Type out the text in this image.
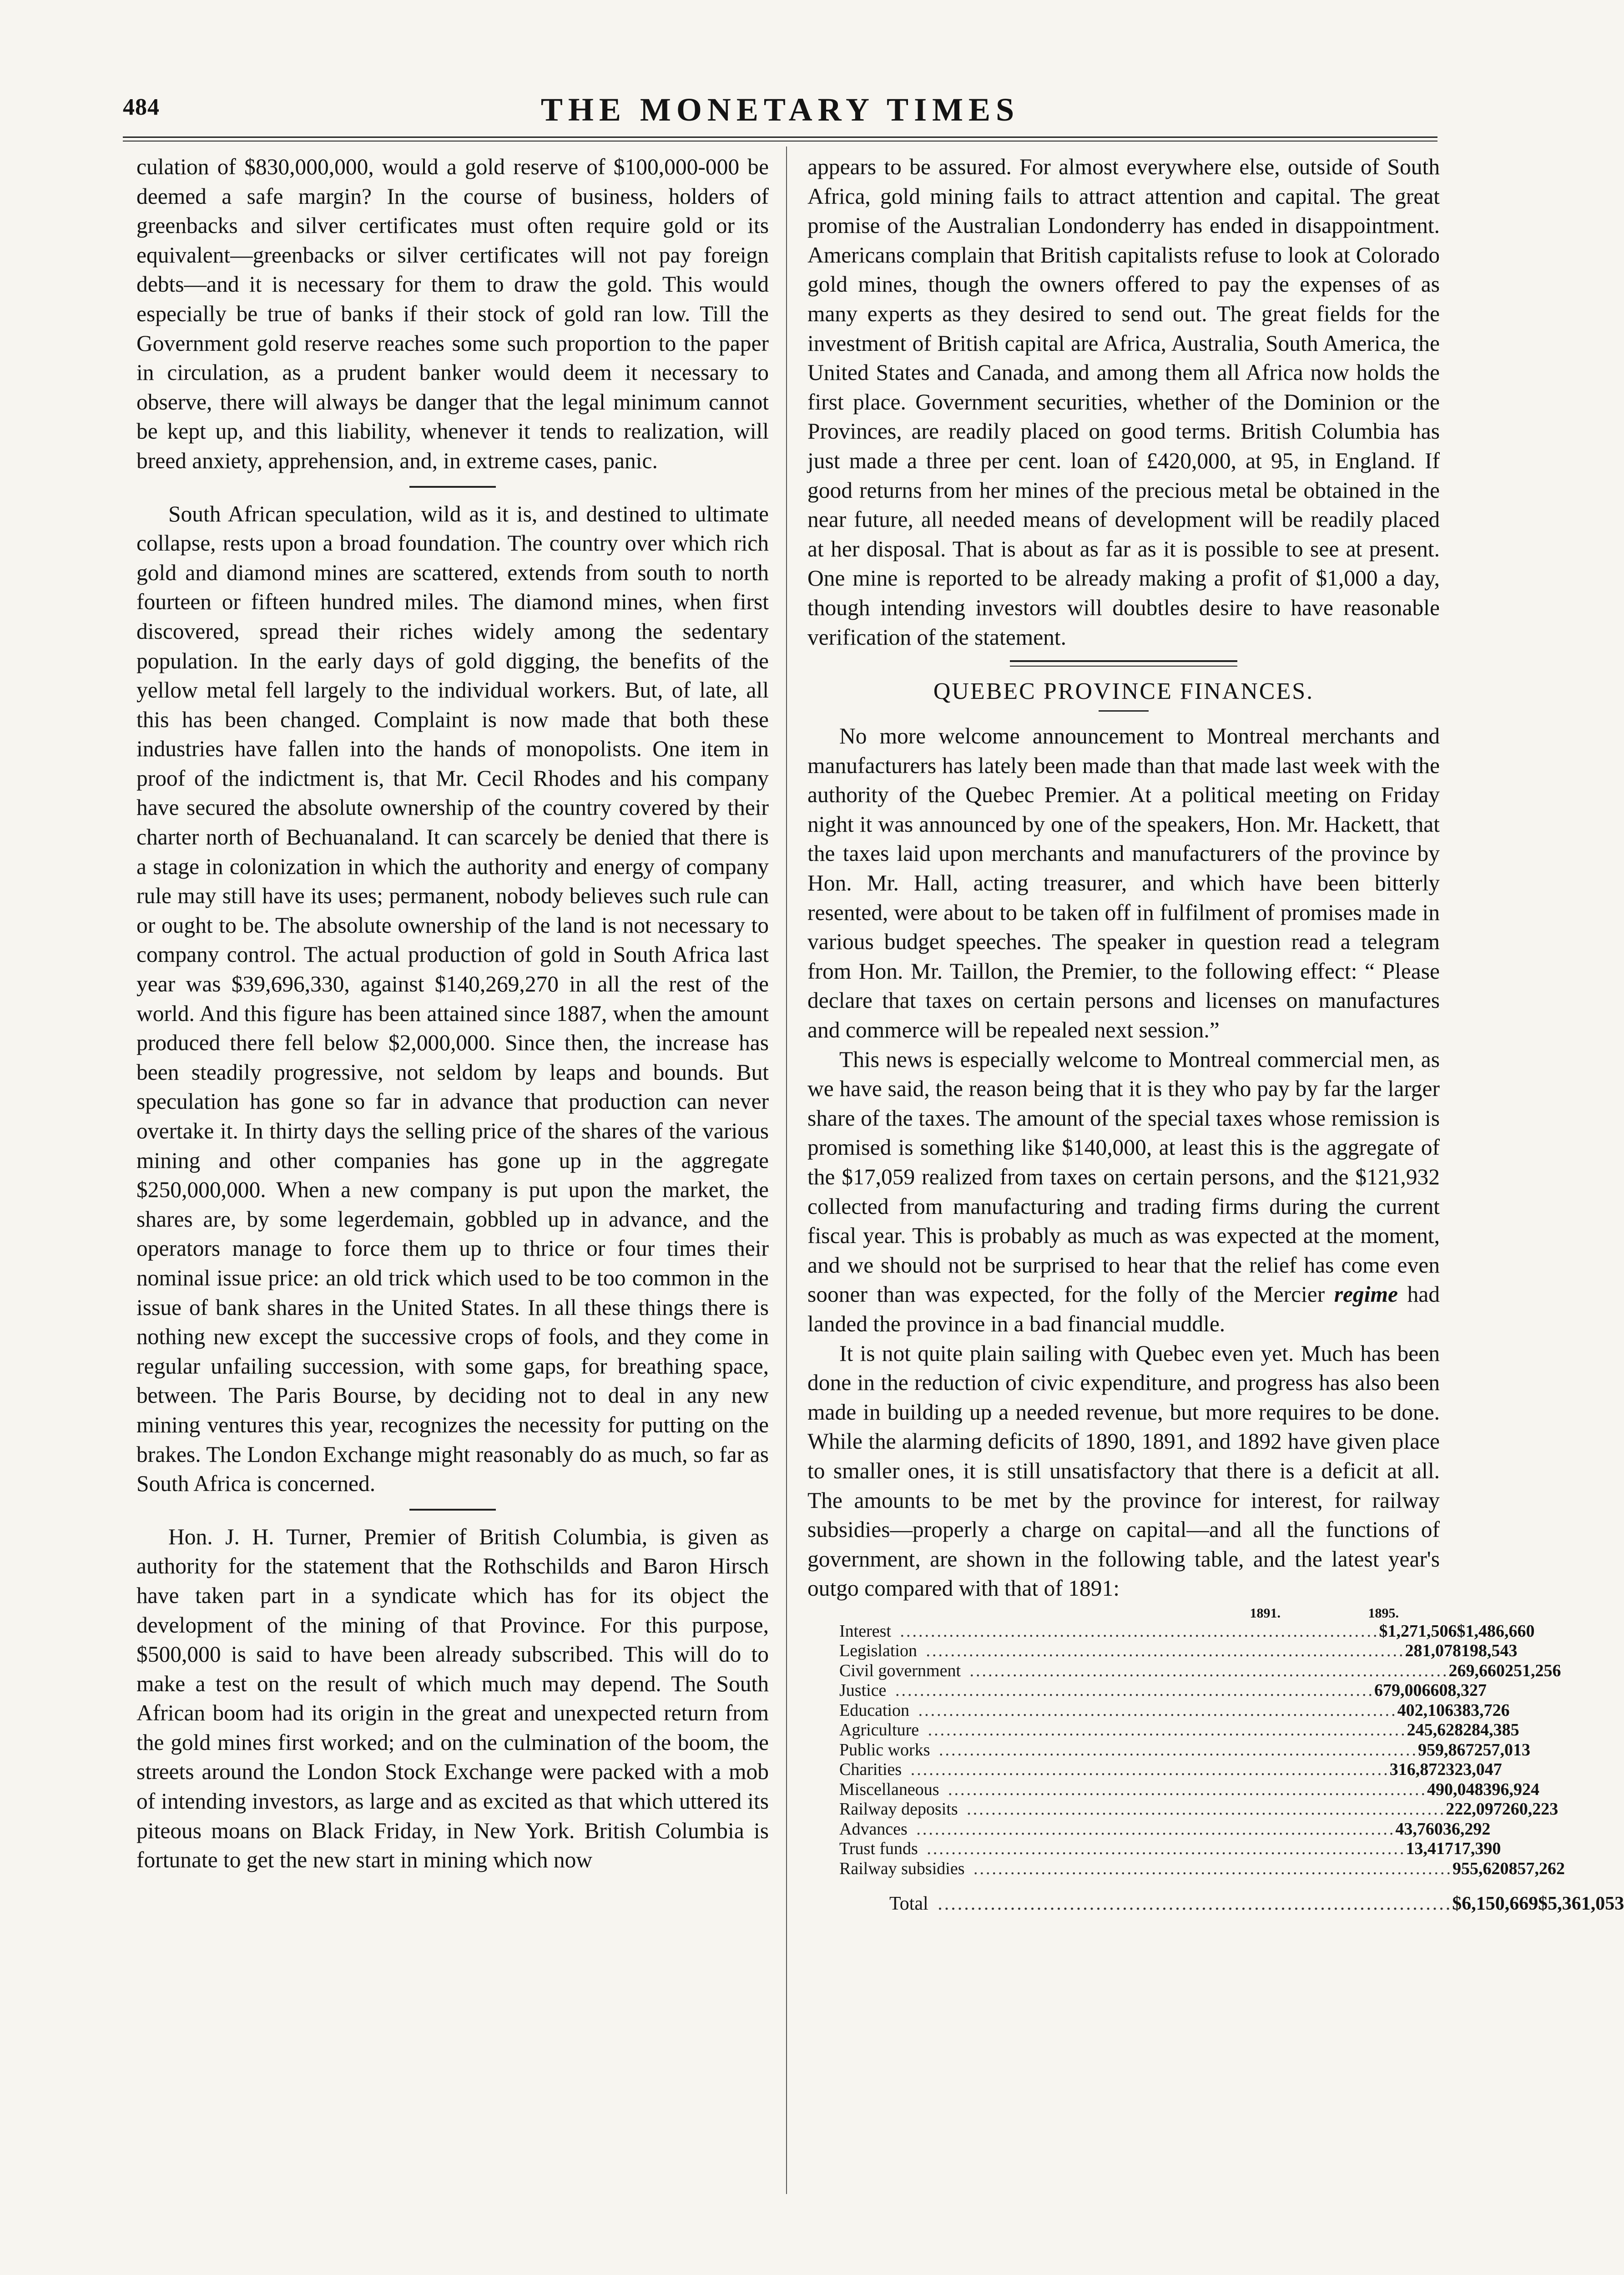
484	THE MONETARY TIMES

culation of $830,000,000, would a gold reserve of $100,000-000 be deemed a safe margin? In the course of business, holders of greenbacks and silver certificates must often require gold or its equivalent—greenbacks or silver certificates will not pay foreign debts—and it is necessary for them to draw the gold. This would especially be true of banks if their stock of gold ran low. Till the Government gold reserve reaches some such proportion to the paper in circulation, as a prudent banker would deem it necessary to observe, there will always be danger that the legal minimum cannot be kept up, and this liability, whenever it tends to realization, will breed anxiety, apprehension, and, in extreme cases, panic.

South African speculation, wild as it is, and destined to ultimate collapse, rests upon a broad foundation. The country over which rich gold and diamond mines are scattered, extends from south to north fourteen or fifteen hundred miles. The diamond mines, when first discovered, spread their riches widely among the sedentary population. In the early days of gold digging, the benefits of the yellow metal fell largely to the individual workers. But, of late, all this has been changed. Complaint is now made that both these industries have fallen into the hands of monopolists. One item in proof of the indictment is, that Mr. Cecil Rhodes and his company have secured the absolute ownership of the country covered by their charter north of Bechuanaland. It can scarcely be denied that there is a stage in colonization in which the authority and energy of company rule may still have its uses; permanent, nobody believes such rule can or ought to be. The absolute ownership of the land is not necessary to company control. The actual production of gold in South Africa last year was $39,696,330, against $140,269,270 in all the rest of the world. And this figure has been attained since 1887, when the amount produced there fell below $2,000,000. Since then, the increase has been steadily progressive, not seldom by leaps and bounds. But speculation has gone so far in advance that production can never overtake it. In thirty days the selling price of the shares of the various mining and other companies has gone up in the aggregate $250,000,000. When a new company is put upon the market, the shares are, by some legerdemain, gobbled up in advance, and the operators manage to force them up to thrice or four times their nominal issue price: an old trick which used to be too common in the issue of bank shares in the United States. In all these things there is nothing new except the successive crops of fools, and they come in regular unfailing succession, with some gaps, for breathing space, between. The Paris Bourse, by deciding not to deal in any new mining ventures this year, recognizes the necessity for putting on the brakes. The London Exchange might reasonably do as much, so far as South Africa is concerned.

Hon. J. H. Turner, Premier of British Columbia, is given as authority for the statement that the Rothschilds and Baron Hirsch have taken part in a syndicate which has for its object the development of the mining of that Province. For this purpose, $500,000 is said to have been already subscribed. This will do to make a test on the result of which much may depend. The South African boom had its origin in the great and unexpected return from the gold mines first worked; and on the culmination of the boom, the streets around the London Stock Exchange were packed with a mob of intending investors, as large and as excited as that which uttered its piteous moans on Black Friday, in New York. British Columbia is fortunate to get the new start in mining which now

appears to be assured. For almost everywhere else, outside of South Africa, gold mining fails to attract attention and capital. The great promise of the Australian Londonderry has ended in disappointment. Americans complain that British capitalists refuse to look at Colorado gold mines, though the owners offered to pay the expenses of as many experts as they desired to send out. The great fields for the investment of British capital are Africa, Australia, South America, the United States and Canada, and among them all Africa now holds the first place. Government securities, whether of the Dominion or the Provinces, are readily placed on good terms. British Columbia has just made a three per cent. loan of £420,000, at 95, in England. If good returns from her mines of the precious metal be obtained in the near future, all needed means of development will be readily placed at her disposal. That is about as far as it is possible to see at present. One mine is reported to be already making a profit of $1,000 a day, though intending investors will doubtles desire to have reasonable verification of the statement.

QUEBEC PROVINCE FINANCES.

No more welcome announcement to Montreal merchants and manufacturers has lately been made than that made last week with the authority of the Quebec Premier. At a political meeting on Friday night it was announced by one of the speakers, Hon. Mr. Hackett, that the taxes laid upon merchants and manufacturers of the province by Hon. Mr. Hall, acting treasurer, and which have been bitterly resented, were about to be taken off in fulfilment of promises made in various budget speeches. The speaker in question read a telegram from Hon. Mr. Taillon, the Premier, to the following effect: “ Please declare that taxes on certain persons and licenses on manufactures and commerce will be repealed next session.”

This news is especially welcome to Montreal commercial men, as we have said, the reason being that it is they who pay by far the larger share of the taxes. The amount of the special taxes whose remission is promised is something like $140,000, at least this is the aggregate of the $17,059 realized from taxes on certain persons, and the $121,932 collected from manufacturing and trading firms during the current fiscal year. This is probably as much as was expected at the moment, and we should not be surprised to hear that the relief has come even sooner than was expected, for the folly of the Mercier regime had landed the province in a bad financial muddle.

It is not quite plain sailing with Quebec even yet. Much has been done in the reduction of civic expenditure, and progress has also been made in building up a needed revenue, but more requires to be done. While the alarming deficits of 1890, 1891, and 1892 have given place to smaller ones, it is still unsatisfactory that there is a deficit at all. The amounts to be met by the province for interest, for railway subsidies—properly a charge on capital—and all the functions of government, are shown in the following table, and the latest year's outgo compared with that of 1891:

1891.	1895.
Interest .............................................................................. $1,271,506 $1,486,660
Legislation .............................................................................. 281,078 198,543
Civil government .............................................................................. 269,660 251,256
Justice .............................................................................. 679,006 608,327
Education .............................................................................. 402,106 383,726
Agriculture .............................................................................. 245,628 284,385
Public works .............................................................................. 959,867 257,013
Charities .............................................................................. 316,872 323,047
Miscellaneous .............................................................................. 490,048 396,924
Railway deposits .............................................................................. 222,097 260,223
Advances .............................................................................. 43,760 36,292
Trust funds .............................................................................. 13,417 17,390
Railway subsidies .............................................................................. 955,620 857,262
Total .............................................................................. $6,150,669 $5,361,053
